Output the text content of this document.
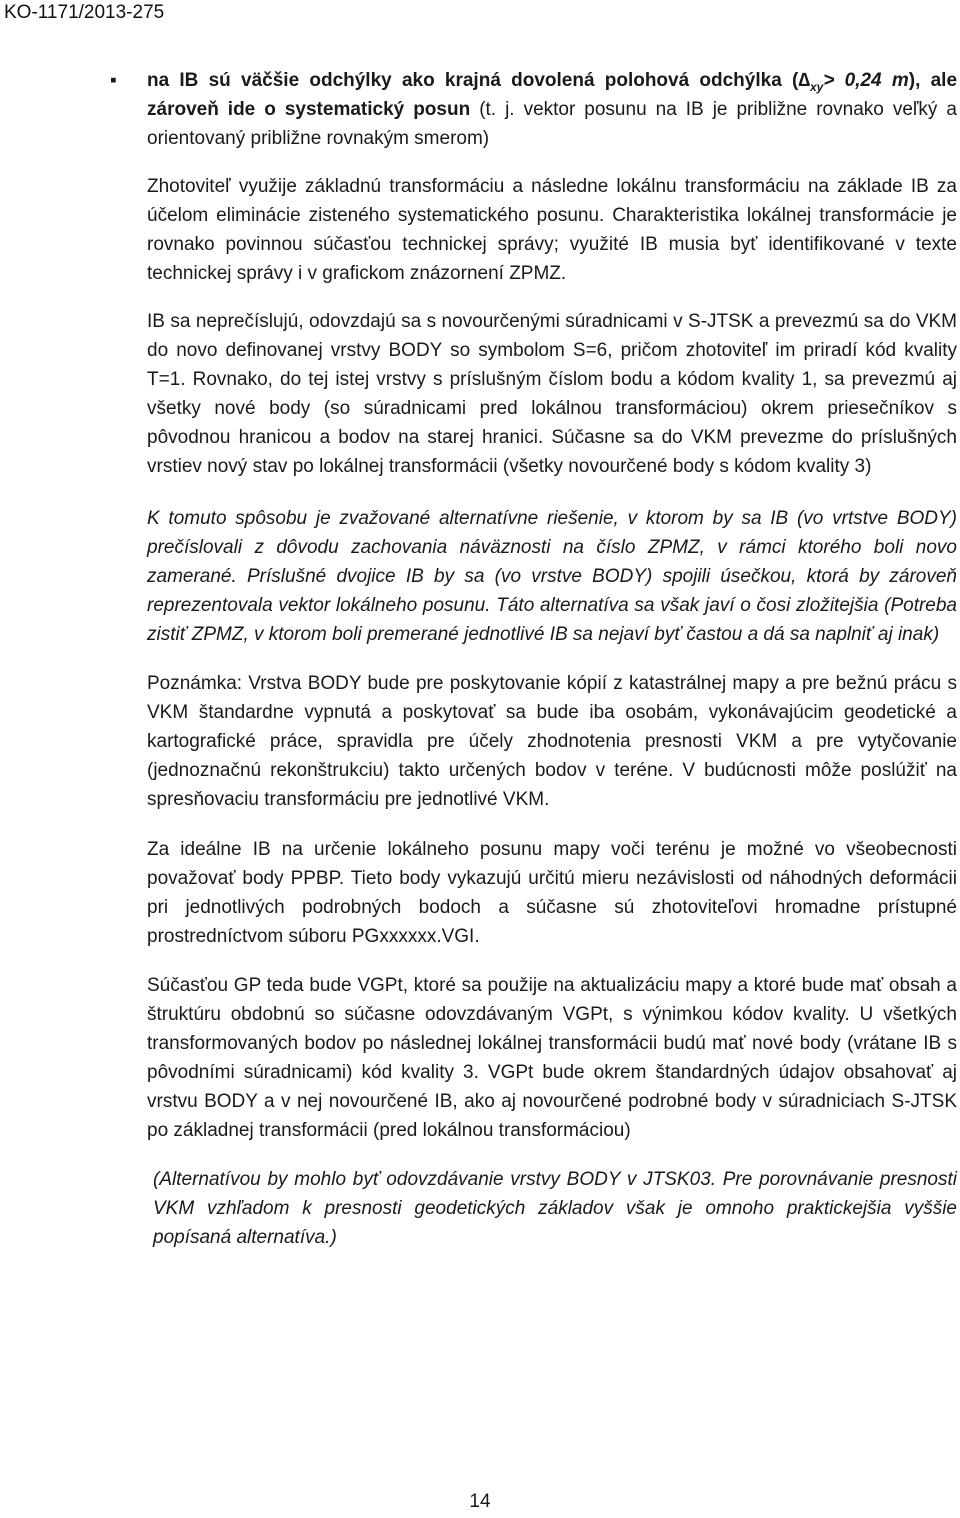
KO-1171/2013-275
▪ na IB sú väčšie odchýlky ako krajná dovolená polohová odchýlka ($\Delta_{xy}> 0,24$ m), ale zároveň ide o systematický posun (t. j. vektor posunu na IB je približne rovnako veľký a orientovaný približne rovnakým smerom)

Zhotoviteľ využije základnú transformáciu a následne lokálnu transformáciu na základe IB za účelom eliminácie zisteného systematického posunu. Charakteristika lokálnej transformácie je rovnako povinnou súčasťou technickej správy; využité IB musia byť identifikované v texte technickej správy i v grafickom znázornení ZPMZ.

IB sa neprečíslujú, odovzdajú sa s novourčenými súradnicami v S-JTSK a prevezmú sa do VKM do novo definovanej vrstvy BODY so symbolom S=6, pričom zhotoviteľ im priradí kód kvality T=1. Rovnako, do tej istej vrstvy s príslušným číslom bodu a kódom kvality 1, sa prevezmú aj všetky nové body (so súradnicami pred lokálnou transformáciou) okrem priesečníkov s pôvodnou hranicou a bodov na starej hranici. Súčasne sa do VKM prevezme do príslušných vrstiev nový stav po lokálnej transformácii (všetky novourčené body s kódom kvality 3)

K tomuto spôsobu je zvažované alternatívne riešenie, v ktorom by sa IB (vo vrtstve BODY) prečíslovali z dôvodu zachovania náväznosti na číslo ZPMZ, v rámci ktorého boli novo zamerané. Príslušné dvojice IB by sa (vo vrstve BODY) spojili úsečkou, ktorá by zároveň reprezentovala vektor lokálneho posunu. Táto alternatíva sa však javí o čosi zložitejšia (Potreba zistiť ZPMZ, v ktorom boli premerané jednotlivé IB sa nejaví byť častou a dá sa naplniť aj inak)

Poznámka: Vrstva BODY bude pre poskytovanie kópií z katastrálnej mapy a pre bežnú prácu s VKM štandardne vypnutá a poskytovať sa bude iba osobám, vykonávajúcim geodetické a kartografické práce, spravidla pre účely zhodnotenia presnosti VKM a pre vytyčovanie (jednoznačnú rekonštrukciu) takto určených bodov v teréne. V budúcnosti môže poslúžiť na spresňovaciu transformáciu pre jednotlivé VKM.

Za ideálne IB na určenie lokálneho posunu mapy voči terénu je možné vo všeobecnosti považovať body PPBP. Tieto body vykazujú určitú mieru nezávislosti od náhodných deformácii pri jednotlivých podrobných bodoch a súčasne sú zhotoviteľovi hromadne prístupné prostredníctvom súboru PGxxxxxx.VGI.

Súčasťou GP teda bude VGPt, ktoré sa použije na aktualizáciu mapy a ktoré bude mať obsah a štruktúru obdobnú so súčasne odovzdávaným VGPt, s výnimkou kódov kvality. U všetkých transformovaných bodov po následnej lokálnej transformácii budú mať nové body (vrátane IB s pôvodními súradnicami) kód kvality 3. VGPt bude okrem štandardných údajov obsahovať aj vrstvu BODY a v nej novourčené IB, ako aj novourčené podrobné body v súradniciach S-JTSK po základnej transformácii (pred lokálnou transformáciou)

(Alternatívou by mohlo byť odovzdávanie vrstvy BODY v JTSK03. Pre porovnávanie presnosti VKM vzhľadom k presnosti geodetických základov však je omnoho praktickejšia vyššie popísaná alternatíva.)

14
